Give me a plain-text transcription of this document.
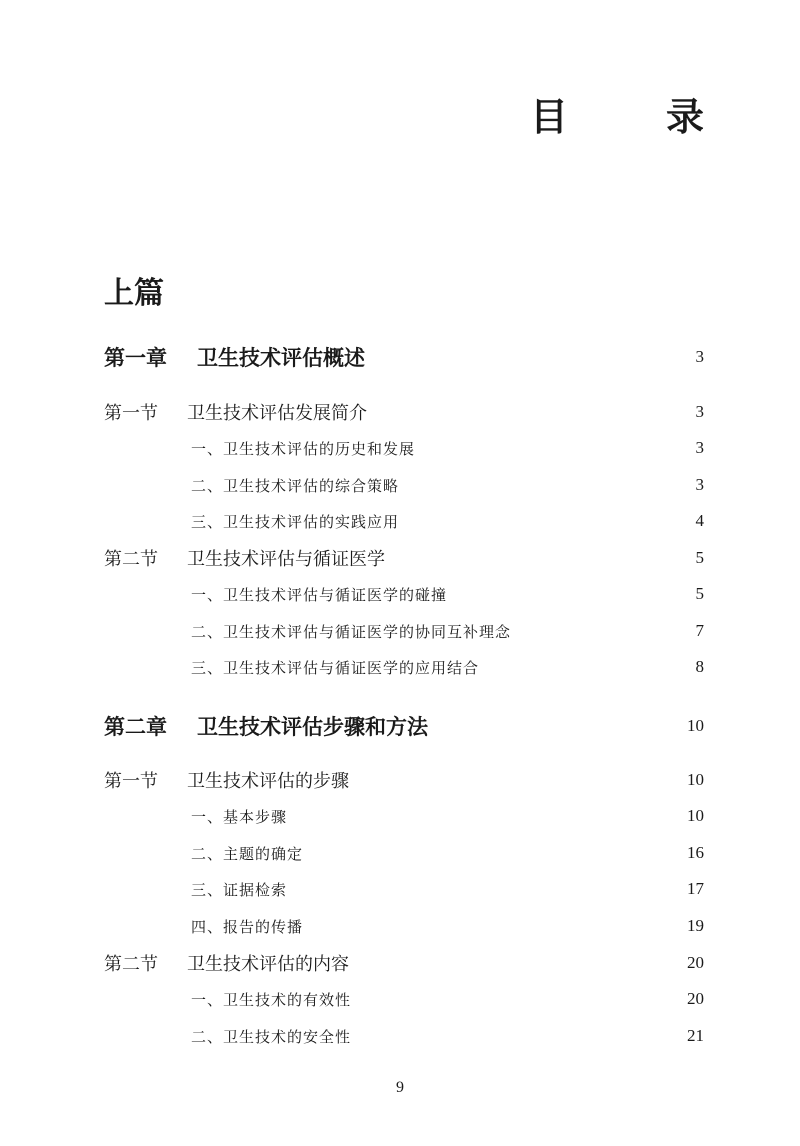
目　录
上篇
第一章	卫生技术评估概述	3
第一节	卫生技术评估发展简介	3
一、卫生技术评估的历史和发展	3
二、卫生技术评估的综合策略	3
三、卫生技术评估的实践应用	4
第二节	卫生技术评估与循证医学	5
一、卫生技术评估与循证医学的碰撞	5
二、卫生技术评估与循证医学的协同互补理念	7
三、卫生技术评估与循证医学的应用结合	8
第二章	卫生技术评估步骤和方法	10
第一节	卫生技术评估的步骤	10
一、基本步骤	10
二、主题的确定	16
三、证据检索	17
四、报告的传播	19
第二节	卫生技术评估的内容	20
一、卫生技术的有效性	20
二、卫生技术的安全性	21
9
